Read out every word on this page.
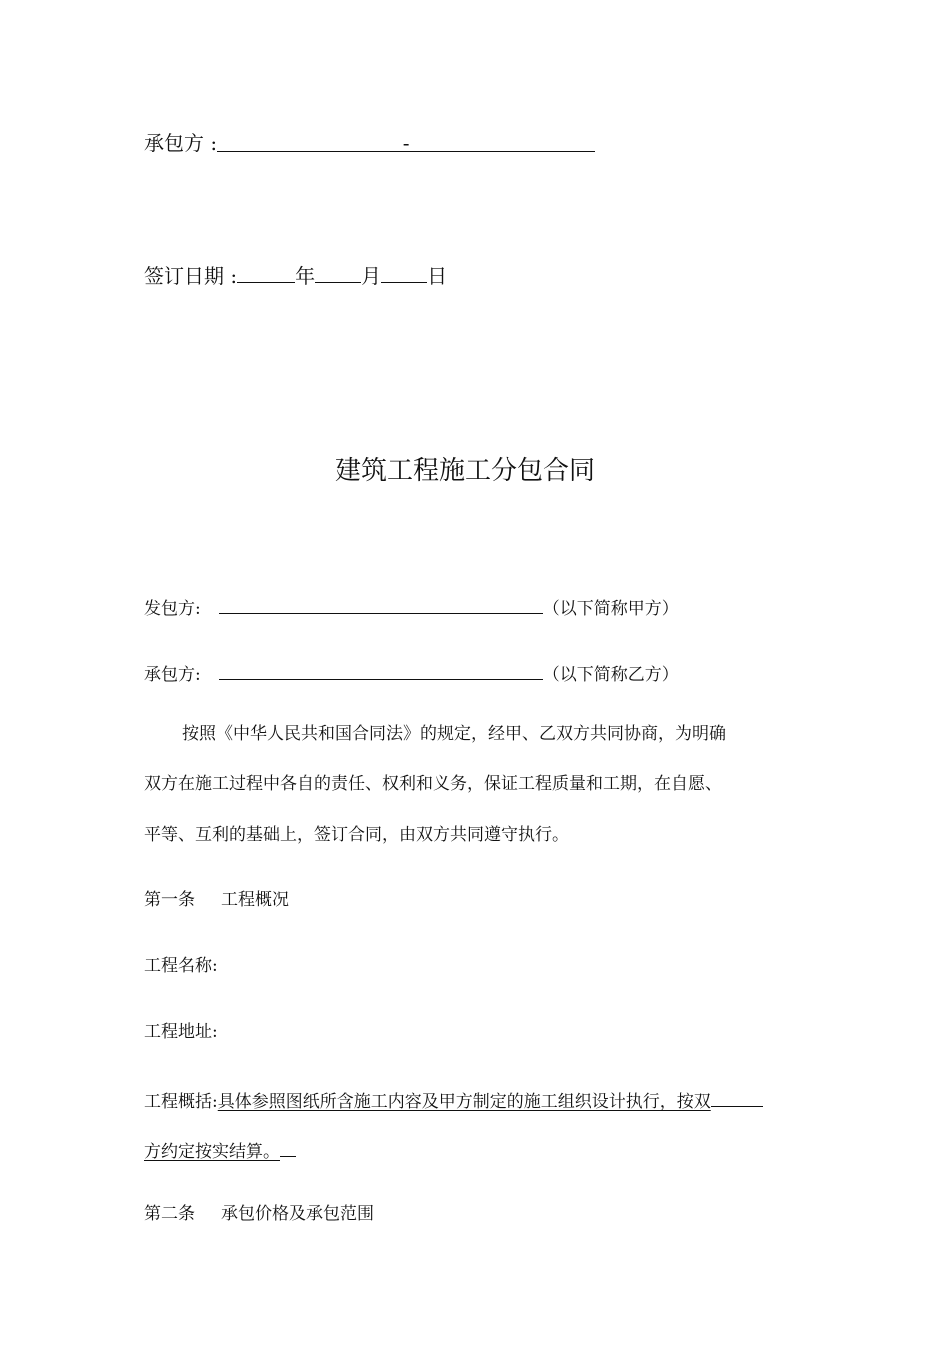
承包方 :	-
签订日期 :	年 月 日
建筑工程施工分包合同
发包方:	（以下简称甲方）
承包方:	（以下简称乙方）
按照《中华人民共和国合同法》的规定，经甲、乙双方共同协商，为明确
双方在施工过程中各自的责任、权利和义务，保证工程质量和工期，在自愿、
平等、互利的基础上，签订合同，由双方共同遵守执行。
第一条 工程概况
工程名称:
工程地址:
工程概括:具体参照图纸所含施工内容及甲方制定的施工组织设计执行，按双
方约定按实结算。
第二条 承包价格及承包范围
